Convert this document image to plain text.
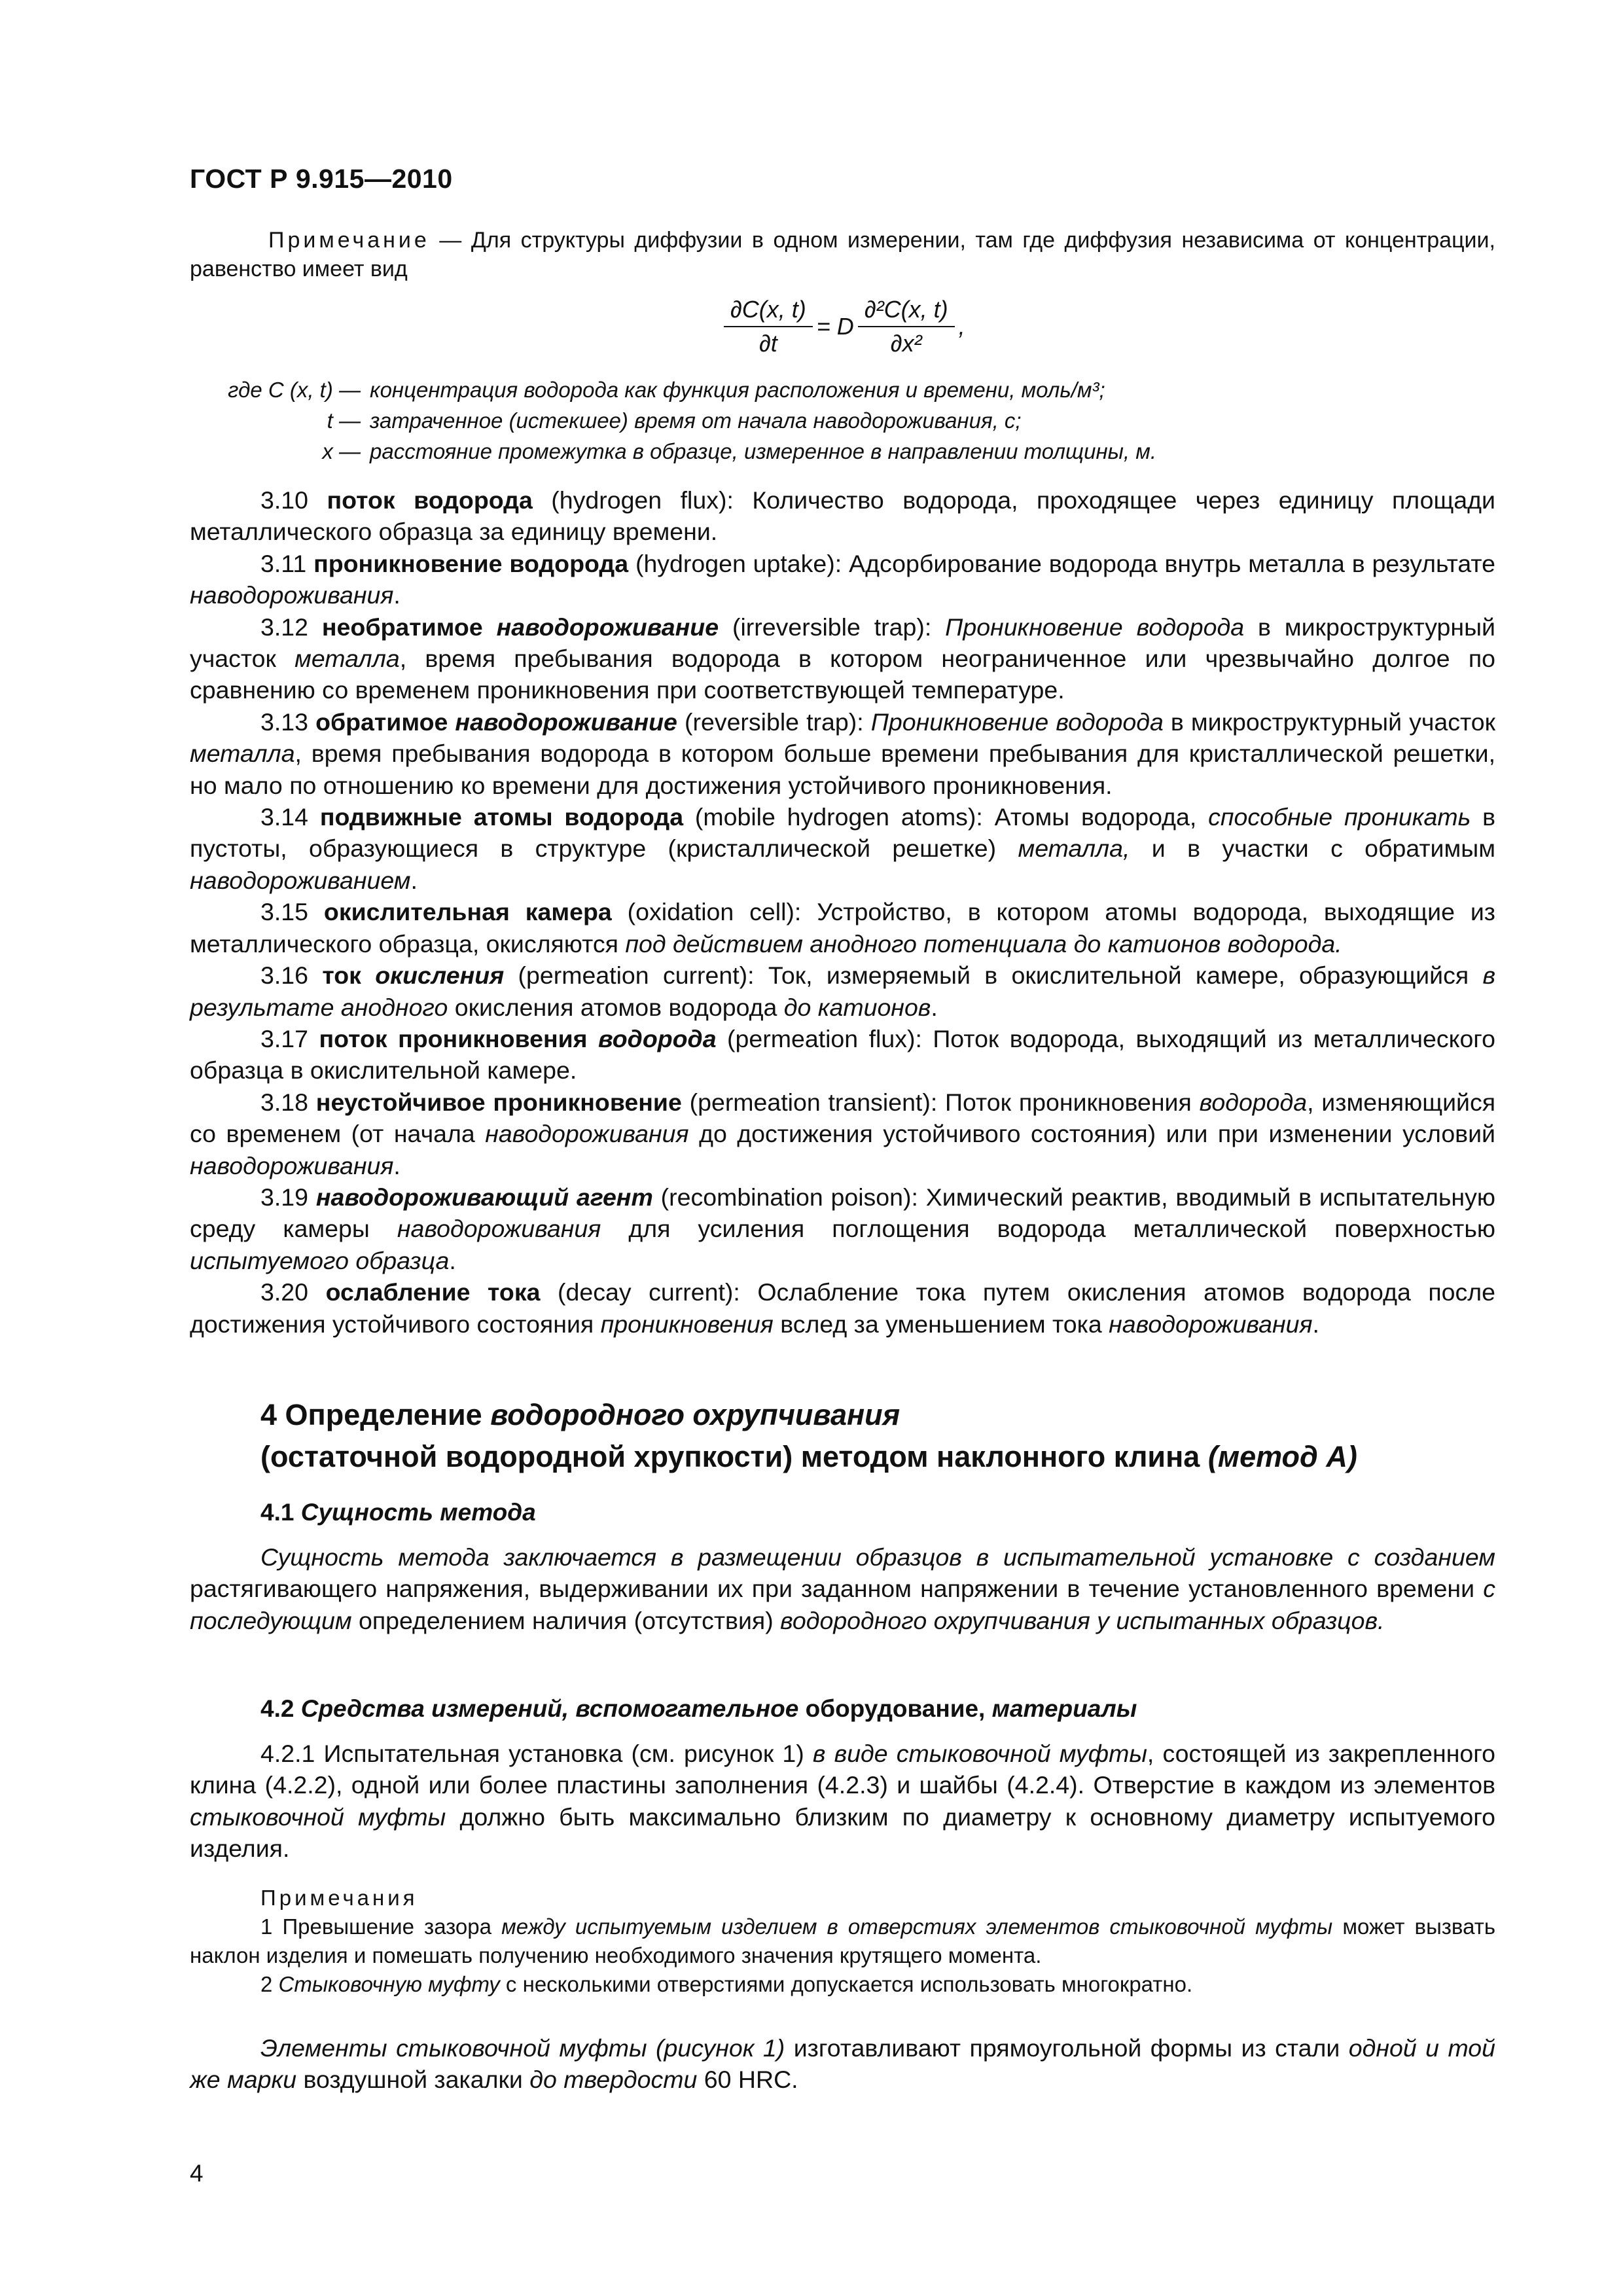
ГОСТ Р 9.915—2010
Примечание — Для структуры диффузии в одном измерении, там где диффузия независима от концентрации, равенство имеет вид
$\frac{\partial C(x, t)}{\partial t} = D \frac{\text{∂²C(x, t)}}{\text{∂x²}}$ ,
где C (x, t) — концентрация водорода как функция расположения и времени, моль/м³;
t — затраченное (истекшее) время от начала наводороживания, с;
x — расстояние промежутка в образце, измеренное в направлении толщины, м.

3.10 поток водорода (hydrogen flux): Количество водорода, проходящее через единицу площади металлического образца за единицу времени.

3.11 проникновение водорода (hydrogen uptake): Адсорбирование водорода внутрь металла в результате наводороживания.

3.12 необратимое наводороживание (irreversible trap): Проникновение водорода в микроструктурный участок металла, время пребывания водорода в котором неограниченное или чрезвычайно долгое по сравнению со временем проникновения при соответствующей температуре.

3.13 обратимое наводороживание (reversible trap): Проникновение водорода в микроструктурный участок металла, время пребывания водорода в котором больше времени пребывания для кристаллической решетки, но мало по отношению ко времени для достижения устойчивого проникновения.

3.14 подвижные атомы водорода (mobile hydrogen atoms): Атомы водорода, способные проникать в пустоты, образующиеся в структуре (кристаллической решетке) металла, и в участки с обратимым наводороживанием.

3.15 окислительная камера (oxidation cell): Устройство, в котором атомы водорода, выходящие из металлического образца, окисляются под действием анодного потенциала до катионов водорода.

3.16 ток окисления (permeation current): Ток, измеряемый в окислительной камере, образующийся в результате анодного окисления атомов водорода до катионов.

3.17 поток проникновения водорода (permeation flux): Поток водорода, выходящий из металлического образца в окислительной камере.

3.18 неустойчивое проникновение (permeation transient): Поток проникновения водорода, изменяющийся со временем (от начала наводороживания до достижения устойчивого состояния) или при изменении условий наводороживания.

3.19 наводороживающий агент (recombination poison): Химический реактив, вводимый в испытательную среду камеры наводороживания для усиления поглощения водорода металлической поверхностью испытуемого образца.

3.20 ослабление тока (decay current): Ослабление тока путем окисления атомов водорода после достижения устойчивого состояния проникновения вслед за уменьшением тока наводороживания.

4 Определение водородного охрупчивания
(остаточной водородной хрупкости) методом наклонного клина (метод А)
4.1 Сущность метода

Сущность метода заключается в размещении образцов в испытательной установке с созданием растягивающего напряжения, выдерживании их при заданном напряжении в течение установленного времени с последующим определением наличия (отсутствия) водородного охрупчивания у испытанных образцов.

4.2 Средства измерений, вспомогательное оборудование, материалы

4.2.1 Испытательная установка (см. рисунок 1) в виде стыковочной муфты, состоящей из закрепленного клина (4.2.2), одной или более пластины заполнения (4.2.3) и шайбы (4.2.4). Отверстие в каждом из элементов стыковочной муфты должно быть максимально близким по диаметру к основному диаметру испытуемого изделия.

Примечания

1 Превышение зазора между испытуемым изделием в отверстиях элементов стыковочной муфты может вызвать наклон изделия и помешать получению необходимого значения крутящего момента.

2 Стыковочную муфту с несколькими отверстиями допускается использовать многократно.

Элементы стыковочной муфты (рисунок 1) изготавливают прямоугольной формы из стали одной и той же марки воздушной закалки до твердости 60 HRC.

4
